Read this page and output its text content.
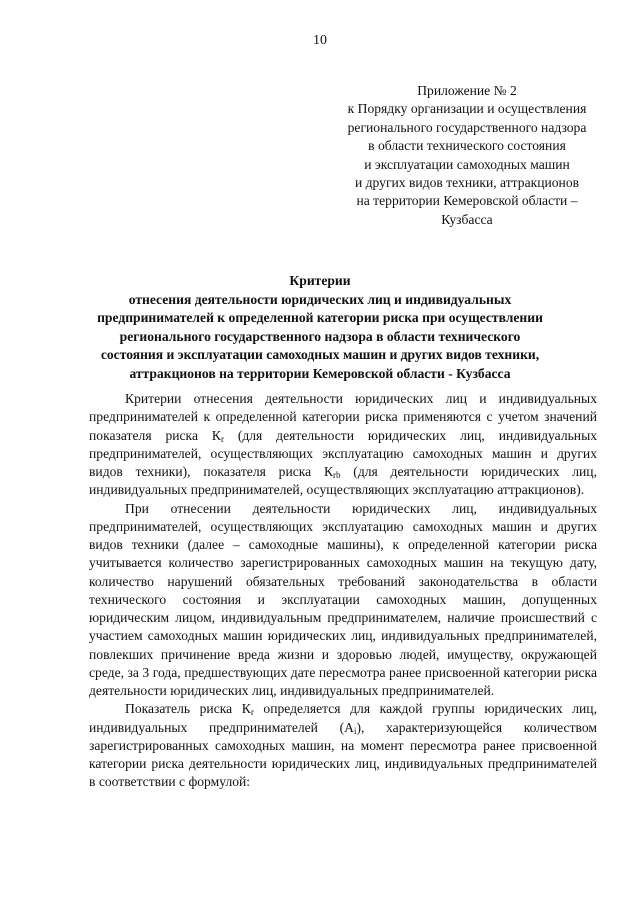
10
Приложение № 2
к Порядку организации и осуществления
регионального государственного надзора
в области технического состояния
и эксплуатации самоходных машин
и других видов техники, аттракционов
на территории Кемеровской области –
Кузбасса
Критерии
отнесения деятельности юридических лиц и индивидуальных
предпринимателей к определенной категории риска при осуществлении
регионального государственного надзора в области технического
состояния и эксплуатации самоходных машин и других видов техники,
аттракционов на территории Кемеровской области - Кузбасса

Критерии отнесения деятельности юридических лиц и индивидуальных предпринимателей к определенной категории риска применяются с учетом значений показателя риска $К_r$ (для деятельности юридических лиц, индивидуальных предпринимателей, осуществляющих эксплуатацию самоходных машин и других видов техники), показателя риска $К_{rb}$ (для деятельности юридических лиц, индивидуальных предпринимателей, осуществляющих эксплуатацию аттракционов).

При отнесении деятельности юридических лиц, индивидуальных предпринимателей, осуществляющих эксплуатацию самоходных машин и других видов техники (далее – самоходные машины), к определенной категории риска учитывается количество зарегистрированных самоходных машин на текущую дату, количество нарушений обязательных требований законодательства в области технического состояния и эксплуатации самоходных машин, допущенных юридическим лицом, индивидуальным предпринимателем, наличие происшествий с участием самоходных машин юридических лиц, индивидуальных предпринимателей, повлекших причинение вреда жизни и здоровью людей, имуществу, окружающей среде, за 3 года, предшествующих дате пересмотра ранее присвоенной категории риска деятельности юридических лиц, индивидуальных предпринимателей.

Показатель риска $К_r$ определяется для каждой группы юридических лиц, индивидуальных предпринимателей $(А_i)$, характеризующейся количеством зарегистрированных самоходных машин, на момент пересмотра ранее присвоенной категории риска деятельности юридических лиц, индивидуальных предпринимателей в соответствии с формулой:
